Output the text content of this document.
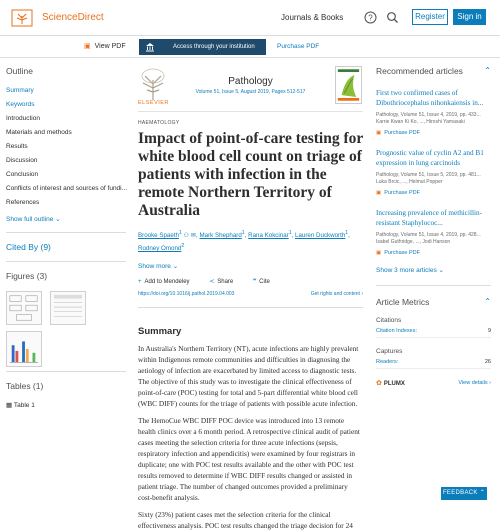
ScienceDirect	Journals & Books	?	Register	Sign in
▣ View PDF	Access through your institution	Purchase PDF
Outline
Summary
Keywords
Introduction
Materials and methods
Results
Discussion
Conclusion
Conflicts of interest and sources of fundi...
References
Show full outline ⌄
Cited By (9)
Figures (3)
Tables (1)
▦ Table 1
ELSEVIER
Pathology
Volume 51, Issue 5, August 2019, Pages 512-517
HAEMATOLOGY
Impact of point-of-care testing for white blood cell count on triage of patients with infection in the remote Northern Territory of Australia
Brooke Spaeth$^1$ ⚇ ✉, Mark Shephard$^1$, Rana Kokcinar$^1$, Lauren Duckworth$^1$, Rodney Omond$^2$
Show more ⌄
+ Add to Mendeley	≺ Share	❞ Cite
https://doi.org/10.1016/j.pathol.2019.04.003	Get rights and content ›
Summary

In Australia's Northern Territory (NT), acute infections are highly prevalent within Indigenous remote communities and difficulties in diagnosing the aetiology of infection are exacerbated by limited access to diagnostic tests. The objective of this study was to investigate the clinical effectiveness of point-of-care (POC) testing for total and 5-part differential white blood cell (WBC DIFF) counts for the triage of patients with possible acute infection.

The HemoCue WBC DIFF POC device was introduced into 13 remote health clinics over a 6 month period. A retrospective clinical audit of patient cases meeting the selection criteria for three acute infections (sepsis, respiratory infection and appendicitis) were examined by four registrars in duplicate; one with POC test results available and the other with POC test results removed to determine if WBC DIFF results changed or assisted in patient triage. The number of changed outcomes provided a preliminary cost-benefit analysis.

Sixty (23%) patient cases met the selection criteria for the clinical effectiveness analysis. POC test results changed the triage decision for 24

Recommended articles	⌃
First two confirmed cases of Dibothriocephalus nihonkaiensis in...
Pathology, Volume 51, Issue 4, 2019, pp. 433...
Karrie Kwan Ki Ko, ..., Hiroshi Yamasaki
▣ Purchase PDF
Prognostic value of cyclin A2 and B1 expression in lung carcinoids
Pathology, Volume 51, Issue 5, 2019, pp. 481...
Luka Brcic, ..., Helmut Popper
▣ Purchase PDF
Increasing prevalence of methicillin-resistant Staphylococ...
Pathology, Volume 51, Issue 4, 2019, pp. 428...
Isabel Guthridge, ..., Jodi Hanson
▣ Purchase PDF
Show 3 more articles ⌄
Article Metrics	⌃
Citations
Citation Indexes:	9
Captures
Readers:	26
✿ PLUMX	View details ›
FEEDBACK ⌃
